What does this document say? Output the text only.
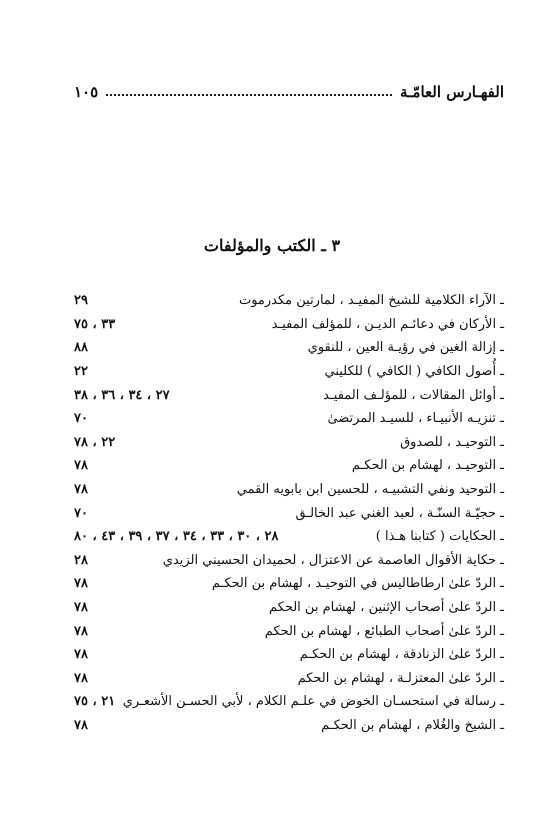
الفهـارس العامّـة
١٠٥
٣ ـ الكتب والمؤلفات
ـ الآراء الكلامية للشيخ المفيـد ، لمارتين مكدرموت
٢٩
ـ الأركان في دعائـم الديـن ، للمؤلف المفيـد
٣٣ ، ٧٥
ـ إزالة الغين في رؤيـة العين ، للنقوي
٨٨
ـ أُصول الكافي ( الكافي ) للكليني
٢٢
ـ أوائل المقالات ، للمؤلـف المفيـد
٢٧ ، ٣٤ ، ٣٦ ، ٣٨
ـ تنزيـه الأنبيـاء ، للسيـد المرتضىٰ
٧٠
ـ التوحيـد ، للصدوق
٢٢ ، ٧٨
ـ التوحيـد ، لهشام بن الحكـم
٧٨
ـ التوحيد ونفي التشبيـه ، للحسين ابن بابويه القمي
٧٨
ـ حجيّـة السنّـة ، لعبد الغني عبد الخالـق
٧٠
ـ الحكايات ( كتابنا هـذا )
٢٨ ، ٣٠ ، ٣٣ ، ٣٤ ، ٣٧ ، ٣٩ ، ٤٣ ، ٨٠
ـ حكاية الأقوال العاصمة عن الاعتزال ، لحميدان الحسيني الزيدي
٢٨
ـ الردّ علىٰ ارطاطاليس في التوحيـد ، لهشام بن الحكـم
٧٨
ـ الردّ علىٰ أصحاب الإثنين ، لهشام بن الحكم
٧٨
ـ الردّ علىٰ أصحاب الطبائع ، لهشام بن الحكم
٧٨
ـ الردّ علىٰ الزنادقة ، لهشام بن الحكـم
٧٨
ـ الردّ علىٰ المعتزلـة ، لهشام بن الحكم
٧٨
ـ رسالة في استحسـان الخوض في علـم الكلام ، لأبي الحسـن الأشعـري
٢١ ، ٧٥
ـ الشيخ والغُلام ، لهشام بن الحكـم
٧٨
